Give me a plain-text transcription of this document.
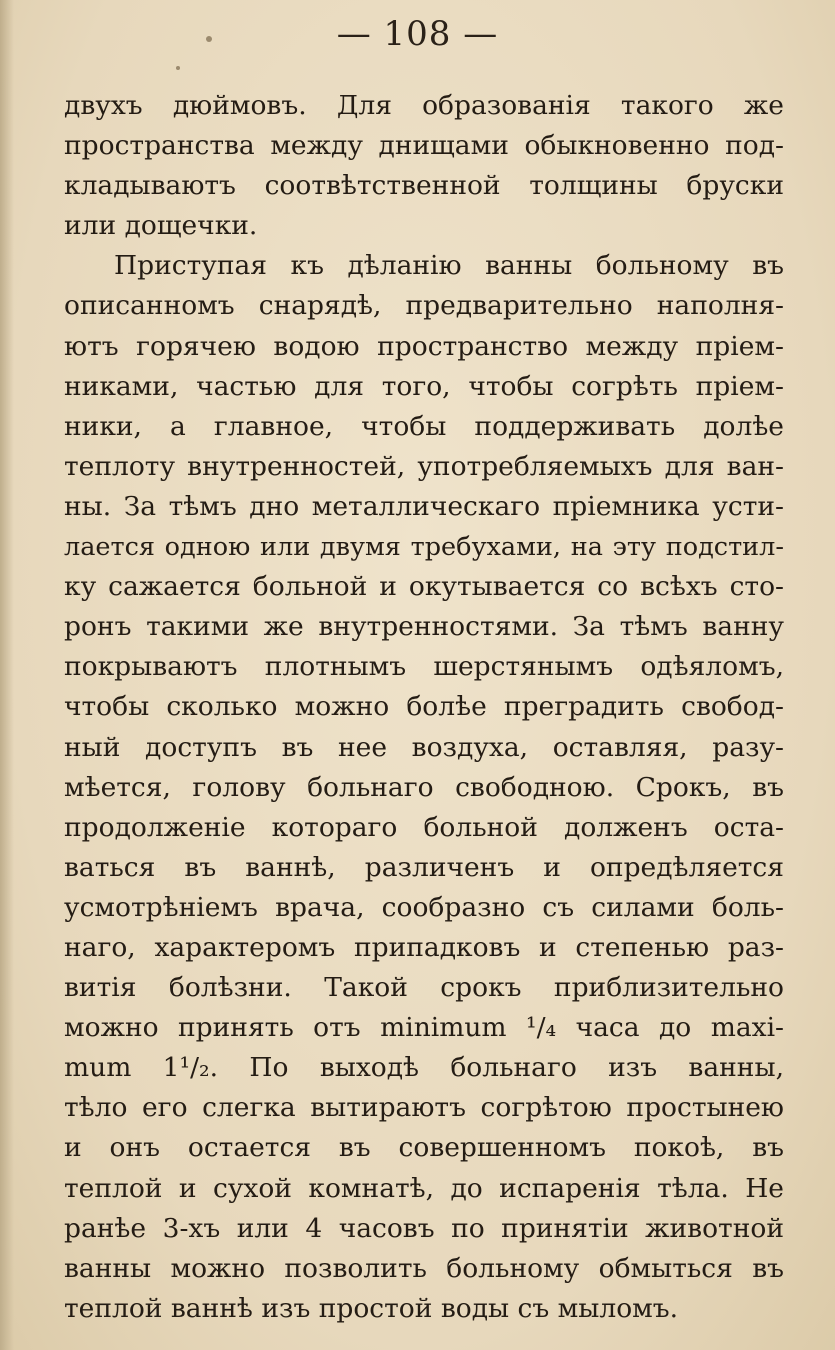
— 108 —
двухъ дюймовъ. Для образованія такого же
пространства между днищами обыкновенно под-
кладываютъ соотвѣтственной толщины бруски
или дощечки.
Приступая къ дѣланію ванны больному въ
описанномъ снарядѣ, предварительно наполня-
ютъ горячею водою пространство между пріем-
никами, частью для того, чтобы согрѣть пріем-
ники, а главное, чтобы поддерживать долѣе
теплоту внутренностей, употребляемыхъ для ван-
ны. За тѣмъ дно металлическаго пріемника усти-
лается одною или двумя требухами, на эту подстил-
ку сажается больной и окутывается со всѣхъ сто-
ронъ такими же внутренностями. За тѣмъ ванну
покрываютъ плотнымъ шерстянымъ одѣяломъ,
чтобы сколько можно болѣе преградить свобод-
ный доступъ въ нее воздуха, оставляя, разу-
мѣется, голову больнаго свободною. Срокъ, въ
продолженіе котораго больной долженъ оста-
ваться въ ваннѣ, различенъ и опредѣляется
усмотрѣніемъ врача, сообразно съ силами боль-
наго, характеромъ припадковъ и степенью раз-
витія болѣзни. Такой срокъ приблизительно
можно принять отъ minimum ¹/₄ часа до maxi-
mum 1¹/₂. По выходѣ больнаго изъ ванны,
тѣло его слегка вытираютъ согрѣтою простынею
и онъ остается въ совершенномъ покоѣ, въ
теплой и сухой комнатѣ, до испаренія тѣла. Не
ранѣе 3-хъ или 4 часовъ по принятіи животной
ванны можно позволить больному обмыться въ
теплой ваннѣ изъ простой воды съ мыломъ.
